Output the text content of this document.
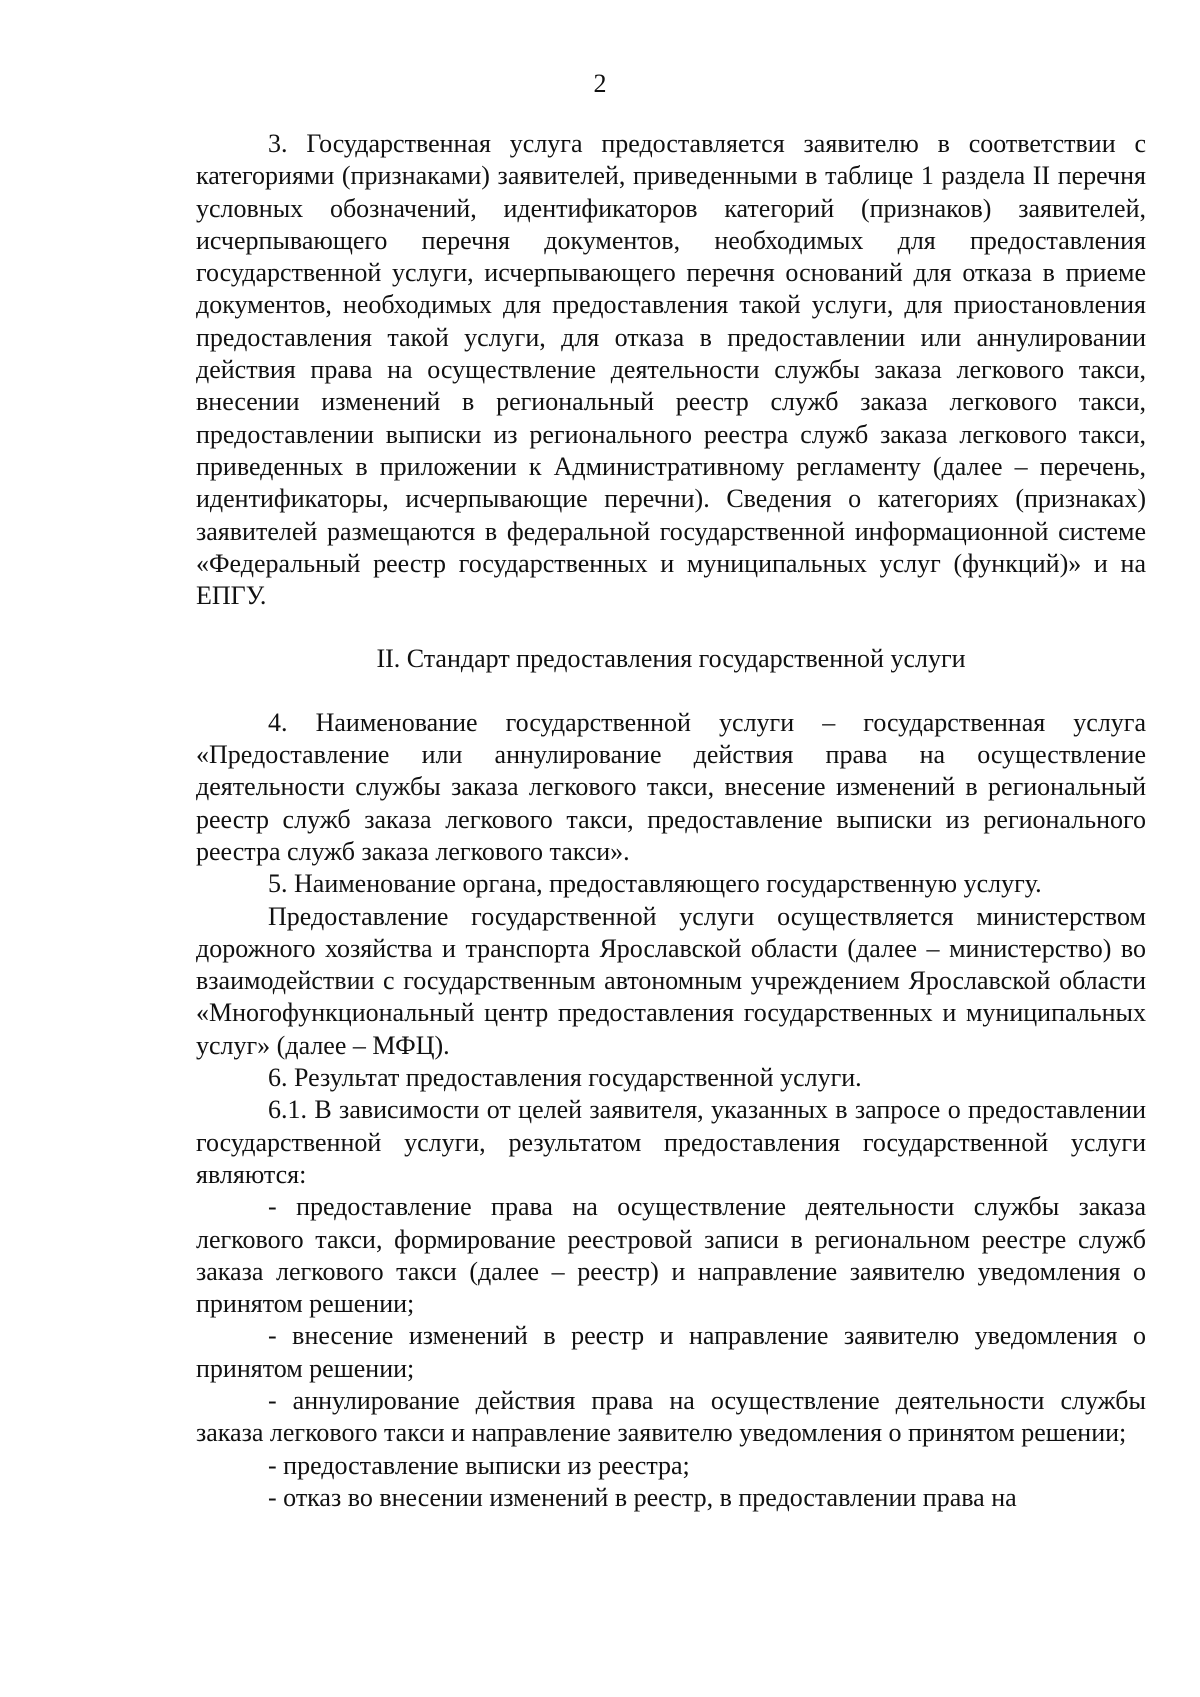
2

3. Государственная услуга предоставляется заявителю в соответствии с категориями (признаками) заявителей, приведенными в таблице 1 раздела II перечня условных обозначений, идентификаторов категорий (признаков) заявителей, исчерпывающего перечня документов, необходимых для предоставления государственной услуги, исчерпывающего перечня оснований для отказа в приеме документов, необходимых для предоставления такой услуги, для приостановления предоставления такой услуги, для отказа в предоставлении или аннулировании действия права на осуществление деятельности службы заказа легкового такси, внесении изменений в региональный реестр служб заказа легкового такси, предоставлении выписки из регионального реестра служб заказа легкового такси, приведенных в приложении к Административному регламенту (далее – перечень, идентификаторы, исчерпывающие перечни). Сведения о категориях (признаках) заявителей размещаются в федеральной государственной информационной системе «Федеральный реестр государственных и муниципальных услуг (функций)» и на ЕПГУ.

II. Стандарт предоставления государственной услуги

4. Наименование государственной услуги – государственная услуга «Предоставление или аннулирование действия права на осуществление деятельности службы заказа легкового такси, внесение изменений в региональный реестр служб заказа легкового такси, предоставление выписки из регионального реестра служб заказа легкового такси».

5. Наименование органа, предоставляющего государственную услугу.

Предоставление государственной услуги осуществляется министерством дорожного хозяйства и транспорта Ярославской области (далее – министерство) во взаимодействии с государственным автономным учреждением Ярославской области «Многофункциональный центр предоставления государственных и муниципальных услуг» (далее – МФЦ).

6. Результат предоставления государственной услуги.

6.1. В зависимости от целей заявителя, указанных в запросе о предоставлении государственной услуги, результатом предоставления государственной услуги являются:

- предоставление права на осуществление деятельности службы заказа легкового такси, формирование реестровой записи в региональном реестре служб заказа легкового такси (далее – реестр) и направление заявителю уведомления о принятом решении;

- внесение изменений в реестр и направление заявителю уведомления о принятом решении;

- аннулирование действия права на осуществление деятельности службы заказа легкового такси и направление заявителю уведомления о принятом решении;

- предоставление выписки из реестра;

- отказ во внесении изменений в реестр, в предоставлении права на
